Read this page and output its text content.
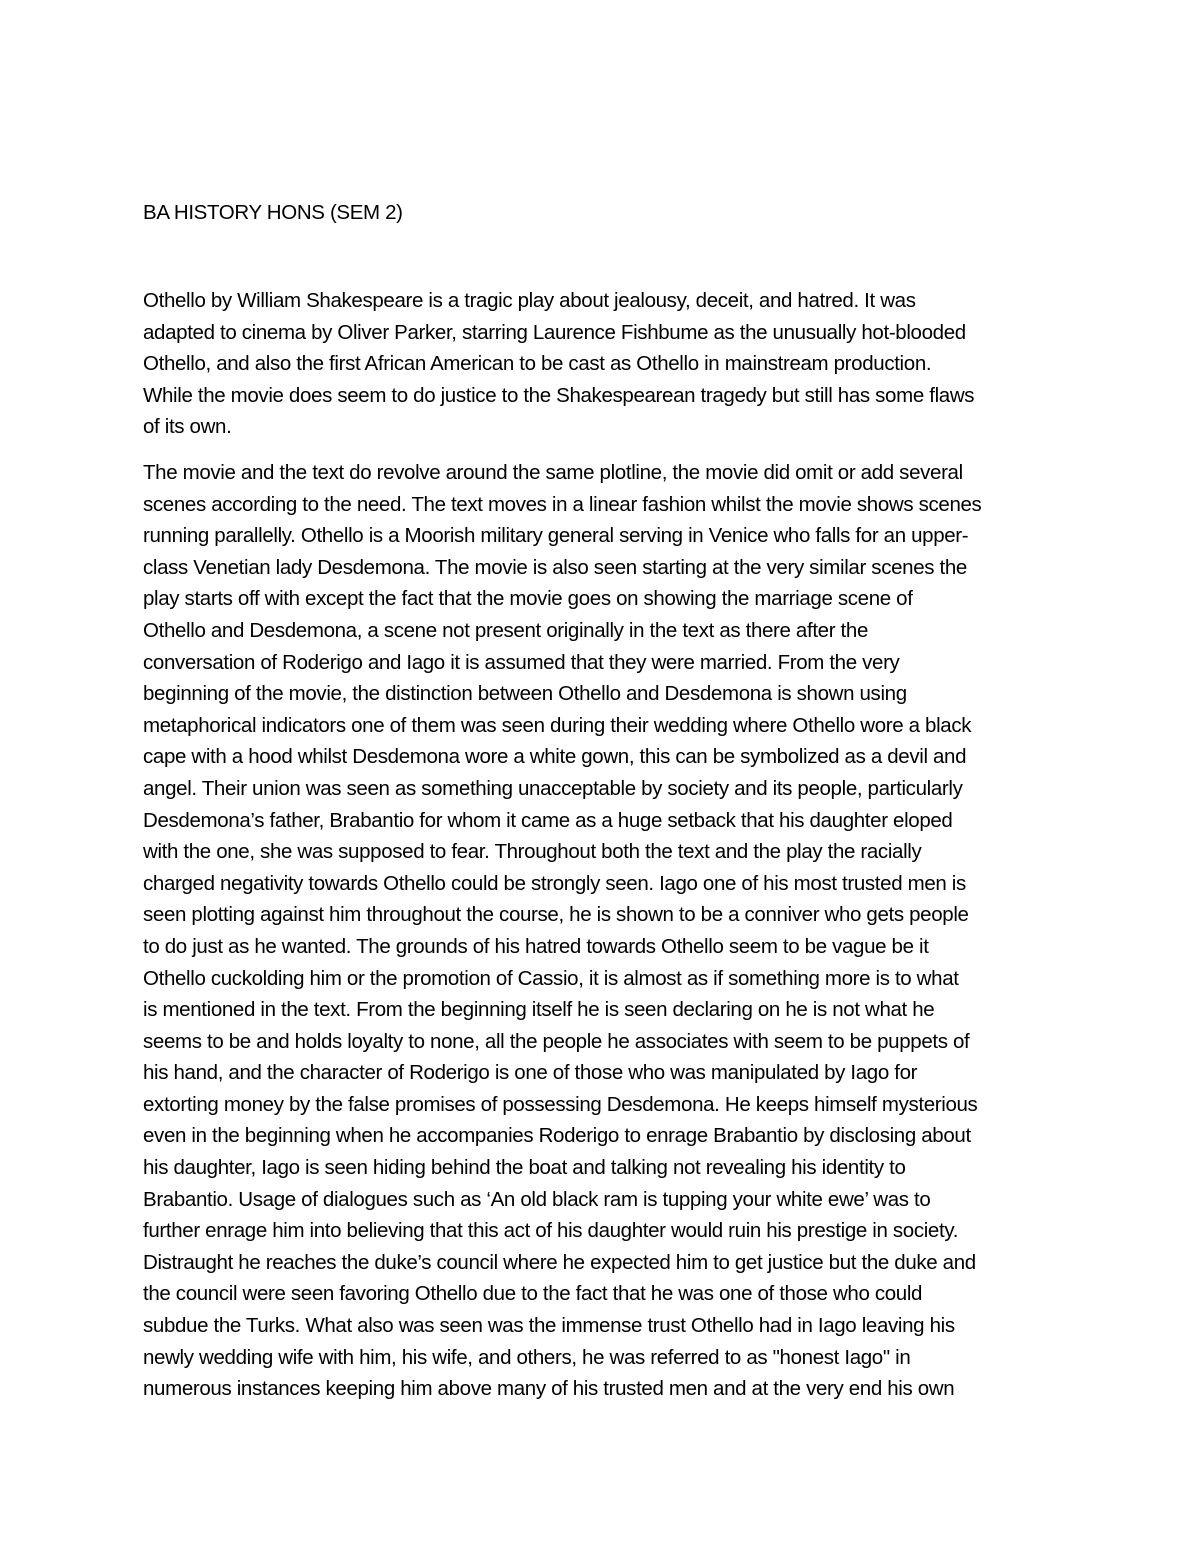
BA HISTORY HONS (SEM 2)
Othello by William Shakespeare is a tragic play about jealousy, deceit, and hatred. It was
adapted to cinema by Oliver Parker, starring Laurence Fishbume as the unusually hot-blooded
Othello, and also the first African American to be cast as Othello in mainstream production.
While the movie does seem to do justice to the Shakespearean tragedy but still has some flaws
of its own.
The movie and the text do revolve around the same plotline, the movie did omit or add several
scenes according to the need. The text moves in a linear fashion whilst the movie shows scenes
running parallelly. Othello is a Moorish military general serving in Venice who falls for an upper-
class Venetian lady Desdemona. The movie is also seen starting at the very similar scenes the
play starts off with except the fact that the movie goes on showing the marriage scene of
Othello and Desdemona, a scene not present originally in the text as there after the
conversation of Roderigo and Iago it is assumed that they were married. From the very
beginning of the movie, the distinction between Othello and Desdemona is shown using
metaphorical indicators one of them was seen during their wedding where Othello wore a black
cape with a hood whilst Desdemona wore a white gown, this can be symbolized as a devil and
angel. Their union was seen as something unacceptable by society and its people, particularly
Desdemona’s father, Brabantio for whom it came as a huge setback that his daughter eloped
with the one, she was supposed to fear. Throughout both the text and the play the racially
charged negativity towards Othello could be strongly seen. Iago one of his most trusted men is
seen plotting against him throughout the course, he is shown to be a conniver who gets people
to do just as he wanted. The grounds of his hatred towards Othello seem to be vague be it
Othello cuckolding him or the promotion of Cassio, it is almost as if something more is to what
is mentioned in the text. From the beginning itself he is seen declaring on he is not what he
seems to be and holds loyalty to none, all the people he associates with seem to be puppets of
his hand, and the character of Roderigo is one of those who was manipulated by Iago for
extorting money by the false promises of possessing Desdemona. He keeps himself mysterious
even in the beginning when he accompanies Roderigo to enrage Brabantio by disclosing about
his daughter, Iago is seen hiding behind the boat and talking not revealing his identity to
Brabantio. Usage of dialogues such as ‘An old black ram is tupping your white ewe’ was to
further enrage him into believing that this act of his daughter would ruin his prestige in society.
Distraught he reaches the duke’s council where he expected him to get justice but the duke and
the council were seen favoring Othello due to the fact that he was one of those who could
subdue the Turks. What also was seen was the immense trust Othello had in Iago leaving his
newly wedding wife with him, his wife, and others, he was referred to as "honest Iago" in
numerous instances keeping him above many of his trusted men and at the very end his own
